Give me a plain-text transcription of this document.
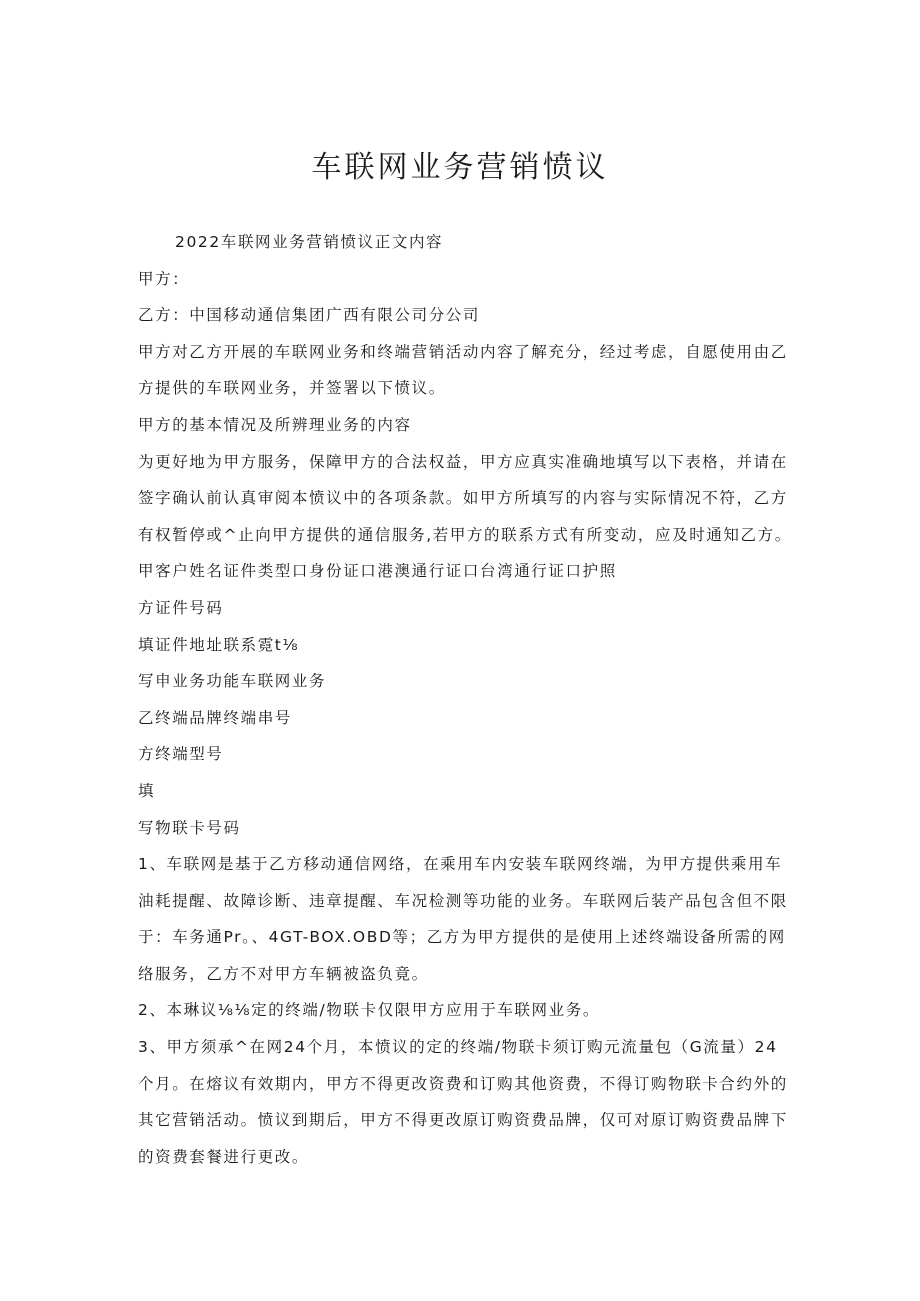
车联网业务营销愤议
2022车联网业务营销愤议正文内容
甲方：
乙方：中国移动通信集团广西有限公司分公司
甲方对乙方开展的车联网业务和终端营销活动内容了解充分，经过考虑，自愿使用由乙
方提供的车联网业务，并签署以下愤议。
甲方的基本情况及所辨理业务的内容
为更好地为甲方服务，保障甲方的合法权益，甲方应真实准确地填写以下表格，并请在
签字确认前认真审阅本愤议中的各项条款。如甲方所填写的内容与实际情况不符，乙方
有权暂停或^止向甲方提供的通信服务,若甲方的联系方式有所变动，应及时通知乙方。
甲客户姓名证件类型口身份证口港澳通行证口台湾通行证口护照
方证件号码
填证件地址联系霓t⅛
写申业务功能车联网业务
乙终端品牌终端串号
方终端型号
填
写物联卡号码
1、车联网是基于乙方移动通信网络，在乘用车内安装车联网终端，为甲方提供乘用车
油耗提醒、故障诊断、违章提醒、车况检测等功能的业务。车联网后装产品包含但不限
于：车务通Pr。、4GT-BOX.OBD等；乙方为甲方提供的是使用上述终端设备所需的网
络服务，乙方不对甲方车辆被盗负竟。
2、本琳议⅛⅛定的终端/物联卡仅限甲方应用于车联网业务。
3、甲方须承^在网24个月，本愤议的定的终端/物联卡须订购元流量包（G流量）24
个月。在熔议有效期内，甲方不得更改资费和订购其他资费，不得订购物联卡合约外的
其它营销活动。愤议到期后，甲方不得更改原订购资费品牌，仅可对原订购资费品牌下
的资费套餐进行更改。
